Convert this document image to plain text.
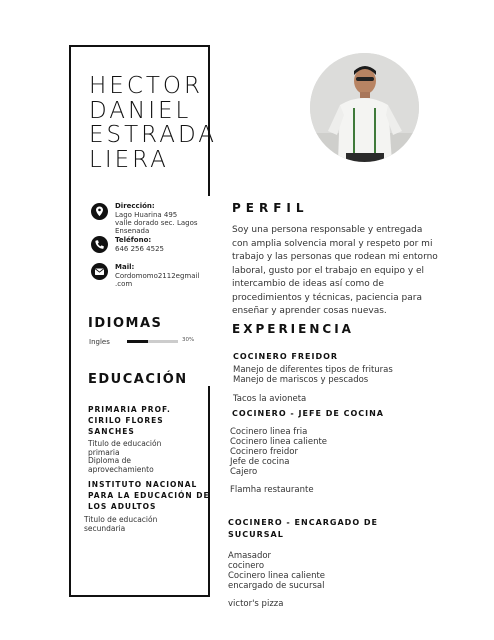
HECTOR
DANIEL
ESTRADA
LIERA
Dirección:
Lago Huarina 495
valle dorado sec. Lagos
Ensenada
Teléfono:
646 256 4525
Mail:
Cordomomo2112egmail
.com
IDIOMAS
Ingles	30%
EDUCACIÓN
PRIMARIA PROF.
CIRILO FLORES
SANCHES
Titulo de educación
primaria
Diploma de
aprovechamiento
INSTITUTO NACIONAL
PARA LA EDUCACIÓN DE
LOS ADULTOS
Titulo de educación
secundaria
PERFIL
Soy una persona responsable y entregada
con amplia solvencia moral y respeto por mi
trabajo y las personas que rodean mi entorno
laboral, gusto por el trabajo en equipo y el
intercambio de ideas así como de
procedimientos y técnicas, paciencia para
enseñar y aprender cosas nuevas.
EXPERIENCIA
COCINERO FREIDOR
Manejo de diferentes tipos de frituras
Manejo de mariscos y pescados
Tacos la avioneta
COCINERO - JEFE DE COCINA
Cocinero linea fria
Cocinero linea caliente
Cocinero freidor
Jefe de cocina
Cajero
Flamha restaurante
COCINERO - ENCARGADO DE
SUCURSAL
Amasador
cocinero
Cocinero linea caliente
encargado de sucursal
victor's pizza
